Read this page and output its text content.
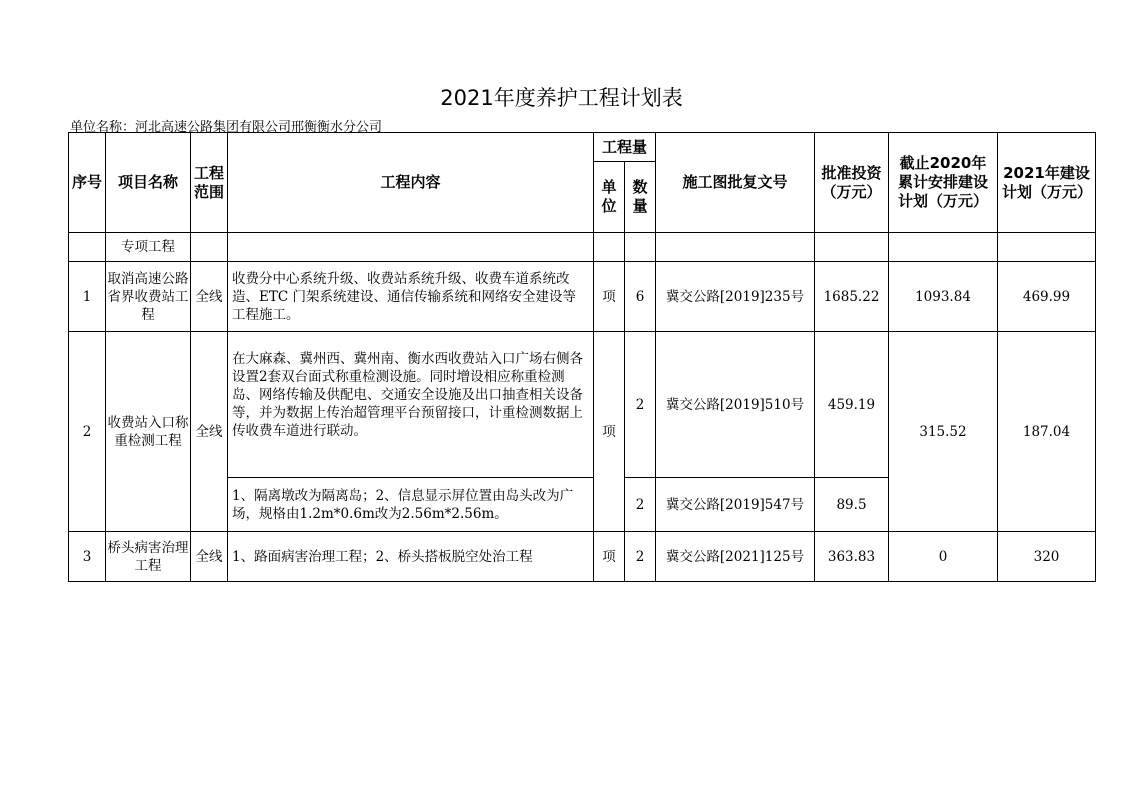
2021年度养护工程计划表
单位名称：河北高速公路集团有限公司邢衡衡水分公司
序号	项目名称	工程范围	工程内容	工程量		施工图批复文号	批准投资（万元）	截止2020年累计安排建设计划（万元）	2021年建设计划（万元）
				单位	数量				
	专项工程								
1	取消高速公路省界收费站工程	全线	收费分中心系统升级、收费站系统升级、收费车道系统改造、ETC 门架系统建设、通信传输系统和网络安全建设等工程施工。	项	6	冀交公路[2019]235号	1685.22	1093.84	469.99
2	收费站入口称重检测工程	全线	在大麻森、冀州西、冀州南、衡水西收费站入口广场右侧各设置2套双台面式称重检测设施。同时增设相应称重检测岛、网络传输及供配电、交通安全设施及出口抽查相关设备等，并为数据上传治超管理平台预留接口，计重检测数据上传收费车道进行联动。	项	2	冀交公路[2019]510号	459.19	315.52	187.04
			1、隔离墩改为隔离岛；2、信息显示屏位置由岛头改为广场，规格由1.2m*0.6m改为2.56m*2.56m。		2	冀交公路[2019]547号	89.5		
3	桥头病害治理工程	全线	1、路面病害治理工程；2、桥头搭板脱空处治工程	项	2	冀交公路[2021]125号	363.83	0	320
